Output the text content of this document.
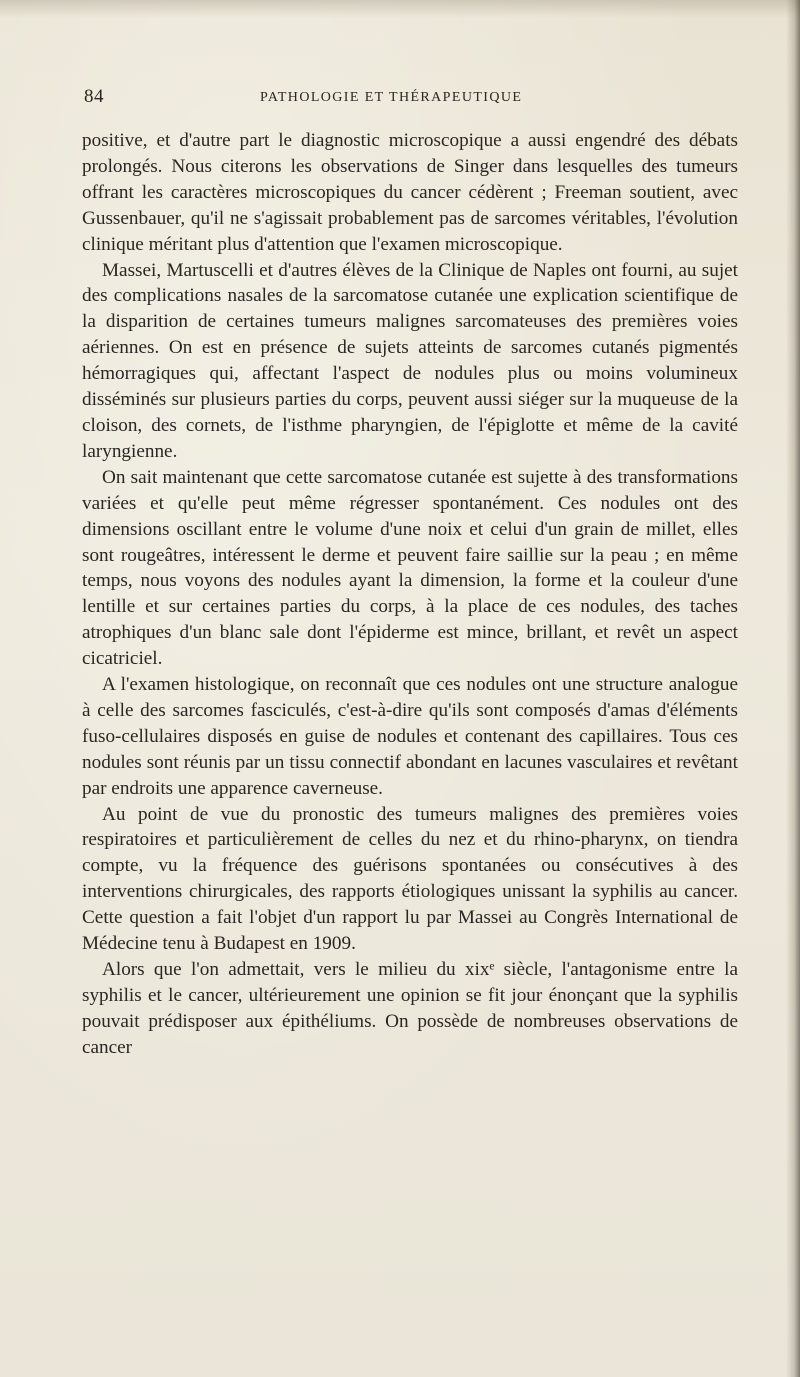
84	PATHOLOGIE ET THÉRAPEUTIQUE

positive, et d'autre part le diagnostic microscopique a aussi engendré des débats prolongés. Nous citerons les observations de Singer dans lesquelles des tumeurs offrant les caractères microscopiques du cancer cédèrent ; Freeman soutient, avec Gussenbauer, qu'il ne s'agissait probablement pas de sarcomes véritables, l'évolution clinique méritant plus d'attention que l'examen microscopique.

Massei, Martuscelli et d'autres élèves de la Clinique de Naples ont fourni, au sujet des complications nasales de la sarcomatose cutanée une explication scientifique de la disparition de certaines tumeurs malignes sarcomateuses des premières voies aériennes. On est en présence de sujets atteints de sarcomes cutanés pigmentés hémorragiques qui, affectant l'aspect de nodules plus ou moins volumineux disséminés sur plusieurs parties du corps, peuvent aussi siéger sur la muqueuse de la cloison, des cornets, de l'isthme pharyngien, de l'épiglotte et même de la cavité laryngienne.

On sait maintenant que cette sarcomatose cutanée est sujette à des transformations variées et qu'elle peut même régresser spontanément. Ces nodules ont des dimensions oscillant entre le volume d'une noix et celui d'un grain de millet, elles sont rougeâtres, intéressent le derme et peuvent faire saillie sur la peau ; en même temps, nous voyons des nodules ayant la dimension, la forme et la couleur d'une lentille et sur certaines parties du corps, à la place de ces nodules, des taches atrophiques d'un blanc sale dont l'épiderme est mince, brillant, et revêt un aspect cicatriciel.

A l'examen histologique, on reconnaît que ces nodules ont une structure analogue à celle des sarcomes fasciculés, c'est-à-dire qu'ils sont composés d'amas d'éléments fuso-cellulaires disposés en guise de nodules et contenant des capillaires. Tous ces nodules sont réunis par un tissu connectif abondant en lacunes vasculaires et revêtant par endroits une apparence caverneuse.

Au point de vue du pronostic des tumeurs malignes des premières voies respiratoires et particulièrement de celles du nez et du rhino-pharynx, on tiendra compte, vu la fréquence des guérisons spontanées ou consécutives à des interventions chirurgicales, des rapports étiologiques unissant la syphilis au cancer. Cette question a fait l'objet d'un rapport lu par Massei au Congrès International de Médecine tenu à Budapest en 1909.

Alors que l'on admettait, vers le milieu du xixᵉ siècle, l'antagonisme entre la syphilis et le cancer, ultérieurement une opinion se fit jour énonçant que la syphilis pouvait prédisposer aux épithéliums. On possède de nombreuses observations de cancer
